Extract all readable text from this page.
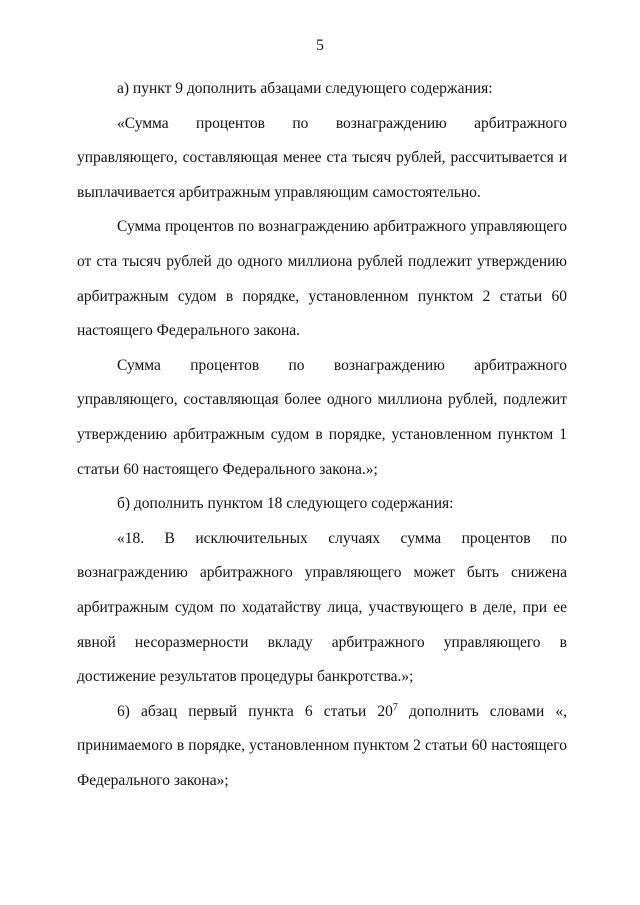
5

а) пункт 9 дополнить абзацами следующего содержания:

«Сумма процентов по вознаграждению арбитражного управляющего, составляющая менее ста тысяч рублей, рассчитывается и выплачивается арбитражным управляющим самостоятельно.

Сумма процентов по вознаграждению арбитражного управляющего от ста тысяч рублей до одного миллиона рублей подлежит утверждению арбитражным судом в порядке, установленном пунктом 2 статьи 60 настоящего Федерального закона.

Сумма процентов по вознаграждению арбитражного управляющего, составляющая более одного миллиона рублей, подлежит утверждению арбитражным судом в порядке, установленном пунктом 1 статьи 60 настоящего Федерального закона.»;

б) дополнить пунктом 18 следующего содержания:

«18. В исключительных случаях сумма процентов по вознаграждению арбитражного управляющего может быть снижена арбитражным судом по ходатайству лица, участвующего в деле, при ее явной несоразмерности вкладу арбитражного управляющего в достижение результатов процедуры банкротства.»;

6) абзац первый пункта 6 статьи $20^7$ дополнить словами «, принимаемого в порядке, установленном пунктом 2 статьи 60 настоящего Федерального закона»;
